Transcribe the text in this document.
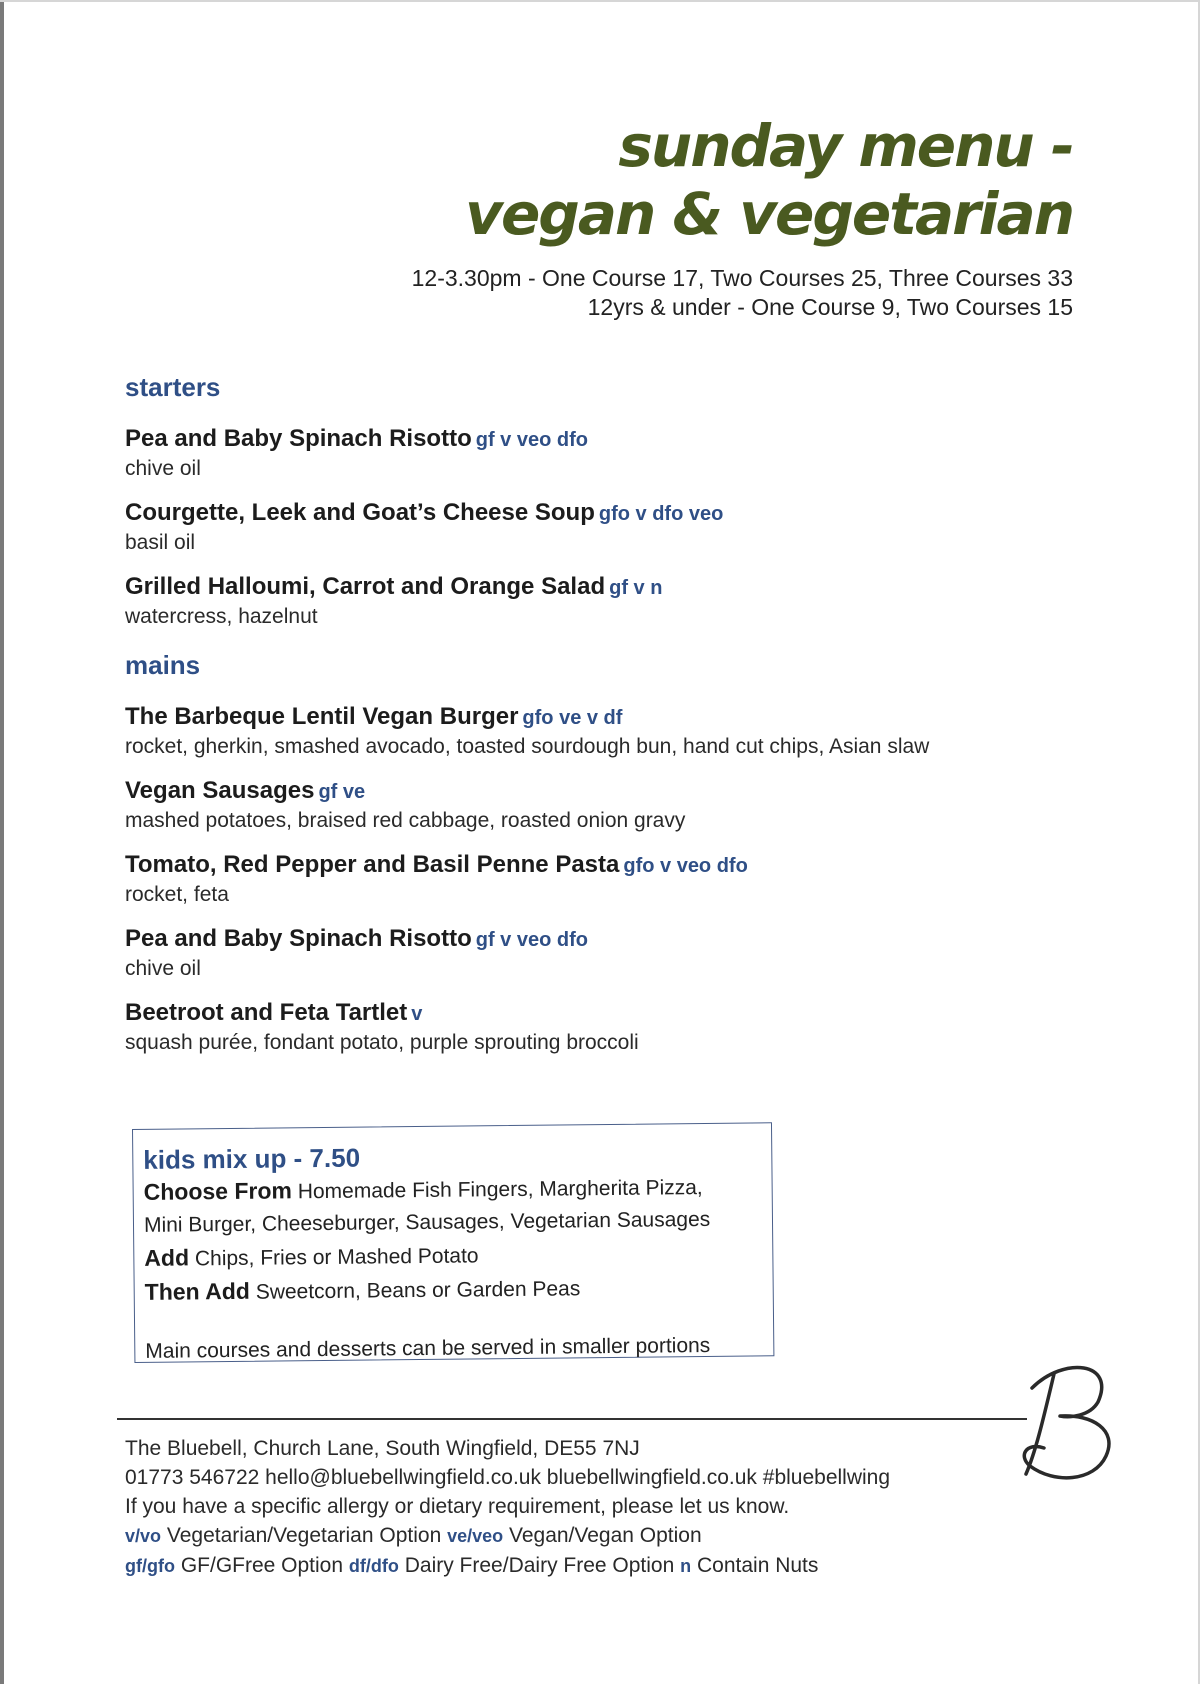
sunday menu -
vegan & vegetarian
12-3.30pm - One Course 17, Two Courses 25, Three Courses 33
12yrs & under - One Course 9, Two Courses 15
starters
Pea and Baby Spinach Risotto gf v veo dfo
chive oil
Courgette, Leek and Goat’s Cheese Soup gfo v dfo veo
basil oil
Grilled Halloumi, Carrot and Orange Salad gf v n
watercress, hazelnut
mains
The Barbeque Lentil Vegan Burger gfo ve v df
rocket, gherkin, smashed avocado, toasted sourdough bun, hand cut chips, Asian slaw
Vegan Sausages gf ve
mashed potatoes, braised red cabbage, roasted onion gravy
Tomato, Red Pepper and Basil Penne Pasta gfo v veo dfo
rocket, feta
Pea and Baby Spinach Risotto gf v veo dfo
chive oil
Beetroot and Feta Tartlet v
squash purée, fondant potato, purple sprouting broccoli
kids mix up - 7.50
Choose From Homemade Fish Fingers, Margherita Pizza,
Mini Burger, Cheeseburger, Sausages, Vegetarian Sausages
Add Chips, Fries or Mashed Potato
Then Add Sweetcorn, Beans or Garden Peas
Main courses and desserts can be served in smaller portions
The Bluebell, Church Lane, South Wingfield, DE55 7NJ
01773 546722 hello@bluebellwingfield.co.uk bluebellwingfield.co.uk #bluebellwing
If you have a specific allergy or dietary requirement, please let us know.
v/vo Vegetarian/Vegetarian Option ve/veo Vegan/Vegan Option
gf/gfo GF/GFree Option df/dfo Dairy Free/Dairy Free Option n Contain Nuts
